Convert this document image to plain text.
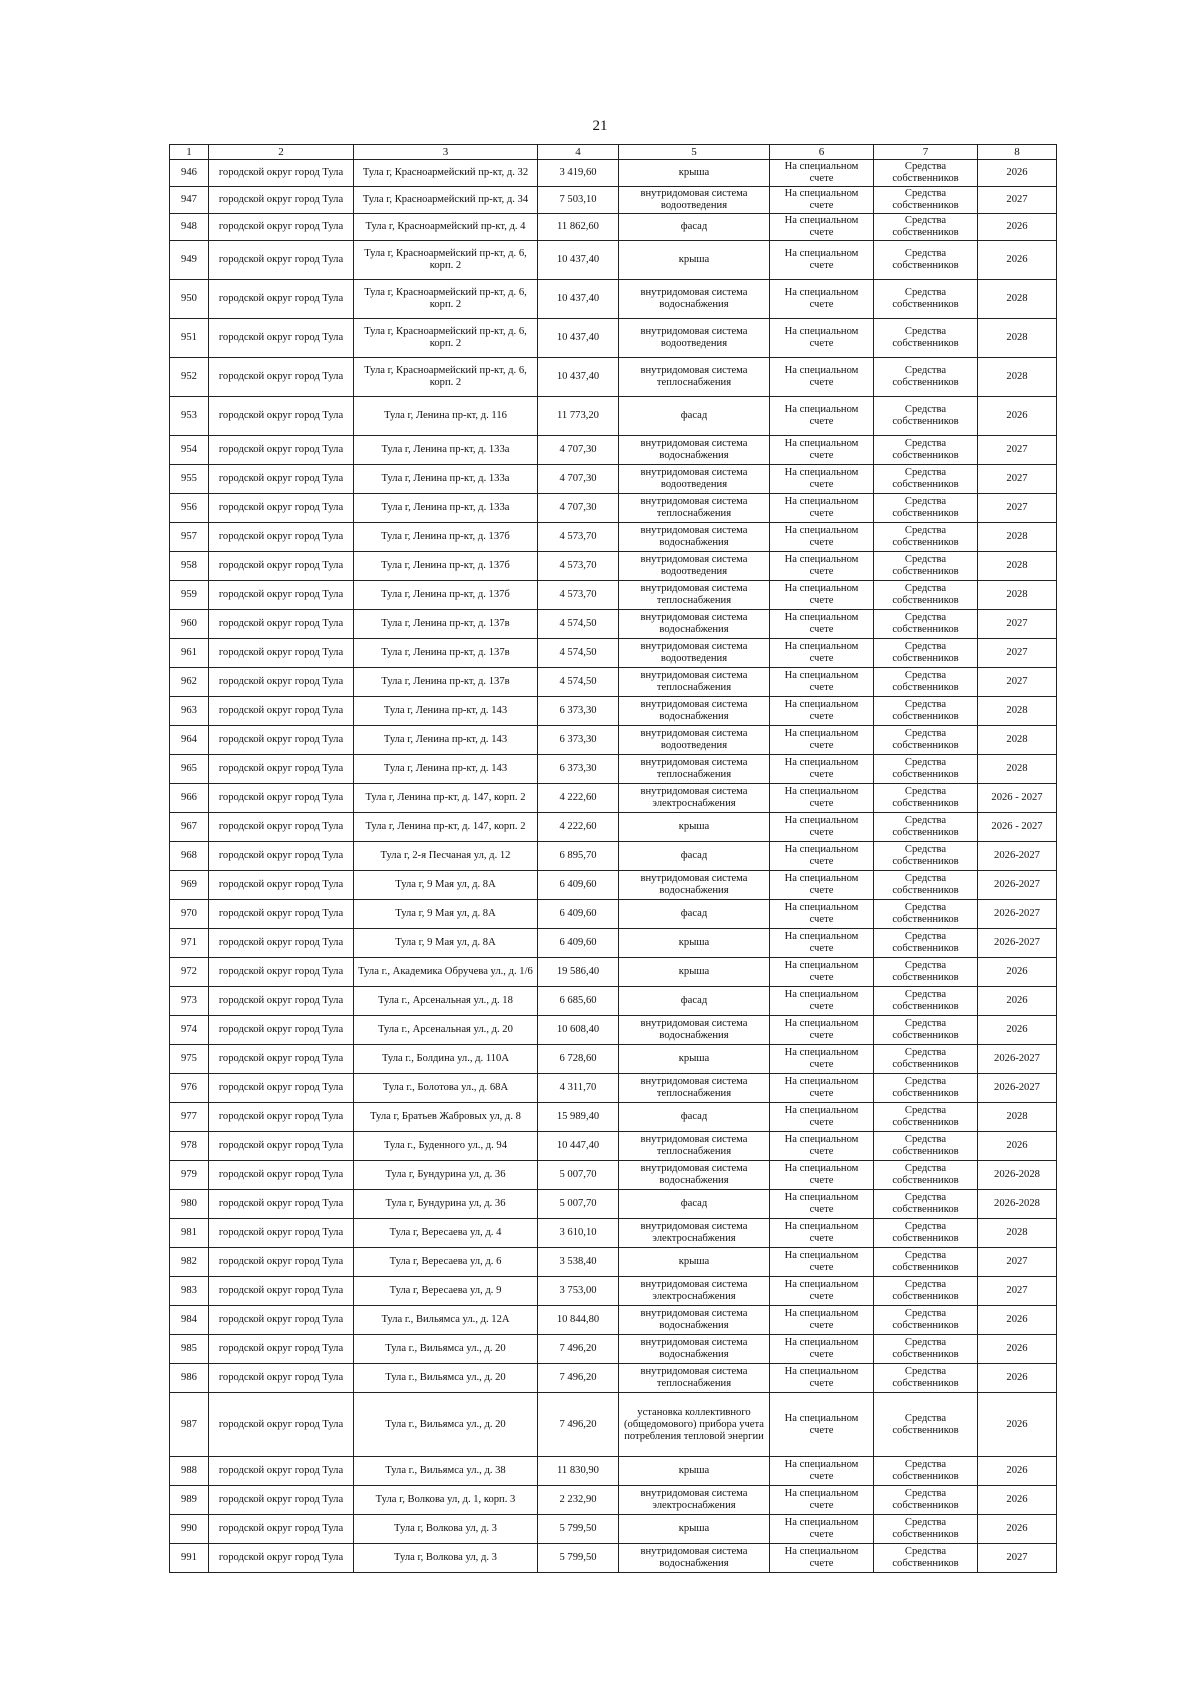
21
1	2	3	4	5	6	7	8
946	городской округ город Тула	Тула г, Красноармейский пр-кт, д. 32	3 419,60	крыша	На специальном счете	Средства собственников	2026
947	городской округ город Тула	Тула г, Красноармейский пр-кт, д. 34	7 503,10	внутридомовая система водоотведения	На специальном счете	Средства собственников	2027
948	городской округ город Тула	Тула г, Красноармейский пр-кт, д. 4	11 862,60	фасад	На специальном счете	Средства собственников	2026
949	городской округ город Тула	Тула г, Красноармейский пр-кт, д. 6, корп. 2	10 437,40	крыша	На специальном счете	Средства собственников	2026
950	городской округ город Тула	Тула г, Красноармейский пр-кт, д. 6, корп. 2	10 437,40	внутридомовая система водоснабжения	На специальном счете	Средства собственников	2028
951	городской округ город Тула	Тула г, Красноармейский пр-кт, д. 6, корп. 2	10 437,40	внутридомовая система водоотведения	На специальном счете	Средства собственников	2028
952	городской округ город Тула	Тула г, Красноармейский пр-кт, д. 6, корп. 2	10 437,40	внутридомовая система теплоснабжения	На специальном счете	Средства собственников	2028
953	городской округ город Тула	Тула г, Ленина пр-кт, д. 116	11 773,20	фасад	На специальном счете	Средства собственников	2026
954	городской округ город Тула	Тула г, Ленина пр-кт, д. 133а	4 707,30	внутридомовая система водоснабжения	На специальном счете	Средства собственников	2027
955	городской округ город Тула	Тула г, Ленина пр-кт, д. 133а	4 707,30	внутридомовая система водоотведения	На специальном счете	Средства собственников	2027
956	городской округ город Тула	Тула г, Ленина пр-кт, д. 133а	4 707,30	внутридомовая система теплоснабжения	На специальном счете	Средства собственников	2027
957	городской округ город Тула	Тула г, Ленина пр-кт, д. 137б	4 573,70	внутридомовая система водоснабжения	На специальном счете	Средства собственников	2028
958	городской округ город Тула	Тула г, Ленина пр-кт, д. 137б	4 573,70	внутридомовая система водоотведения	На специальном счете	Средства собственников	2028
959	городской округ город Тула	Тула г, Ленина пр-кт, д. 137б	4 573,70	внутридомовая система теплоснабжения	На специальном счете	Средства собственников	2028
960	городской округ город Тула	Тула г, Ленина пр-кт, д. 137в	4 574,50	внутридомовая система водоснабжения	На специальном счете	Средства собственников	2027
961	городской округ город Тула	Тула г, Ленина пр-кт, д. 137в	4 574,50	внутридомовая система водоотведения	На специальном счете	Средства собственников	2027
962	городской округ город Тула	Тула г, Ленина пр-кт, д. 137в	4 574,50	внутридомовая система теплоснабжения	На специальном счете	Средства собственников	2027
963	городской округ город Тула	Тула г, Ленина пр-кт, д. 143	6 373,30	внутридомовая система водоснабжения	На специальном счете	Средства собственников	2028
964	городской округ город Тула	Тула г, Ленина пр-кт, д. 143	6 373,30	внутридомовая система водоотведения	На специальном счете	Средства собственников	2028
965	городской округ город Тула	Тула г, Ленина пр-кт, д. 143	6 373,30	внутридомовая система теплоснабжения	На специальном счете	Средства собственников	2028
966	городской округ город Тула	Тула г, Ленина пр-кт, д. 147, корп. 2	4 222,60	внутридомовая система электроснабжения	На специальном счете	Средства собственников	2026 - 2027
967	городской округ город Тула	Тула г, Ленина пр-кт, д. 147, корп. 2	4 222,60	крыша	На специальном счете	Средства собственников	2026 - 2027
968	городской округ город Тула	Тула г, 2-я Песчаная ул, д. 12	6 895,70	фасад	На специальном счете	Средства собственников	2026-2027
969	городской округ город Тула	Тула г, 9 Мая ул, д. 8А	6 409,60	внутридомовая система водоснабжения	На специальном счете	Средства собственников	2026-2027
970	городской округ город Тула	Тула г, 9 Мая ул, д. 8А	6 409,60	фасад	На специальном счете	Средства собственников	2026-2027
971	городской округ город Тула	Тула г, 9 Мая ул, д. 8А	6 409,60	крыша	На специальном счете	Средства собственников	2026-2027
972	городской округ город Тула	Тула г., Академика Обручева ул., д. 1/6	19 586,40	крыша	На специальном счете	Средства собственников	2026
973	городской округ город Тула	Тула г., Арсенальная ул., д. 18	6 685,60	фасад	На специальном счете	Средства собственников	2026
974	городской округ город Тула	Тула г., Арсенальная ул., д. 20	10 608,40	внутридомовая система водоснабжения	На специальном счете	Средства собственников	2026
975	городской округ город Тула	Тула г., Болдина ул., д. 110А	6 728,60	крыша	На специальном счете	Средства собственников	2026-2027
976	городской округ город Тула	Тула г., Болотова ул., д. 68А	4 311,70	внутридомовая система теплоснабжения	На специальном счете	Средства собственников	2026-2027
977	городской округ город Тула	Тула г, Братьев Жабровых ул, д. 8	15 989,40	фасад	На специальном счете	Средства собственников	2028
978	городской округ город Тула	Тула г., Буденного ул., д. 94	10 447,40	внутридомовая система теплоснабжения	На специальном счете	Средства собственников	2026
979	городской округ город Тула	Тула г, Бундурина ул, д. 36	5 007,70	внутридомовая система водоснабжения	На специальном счете	Средства собственников	2026-2028
980	городской округ город Тула	Тула г, Бундурина ул, д. 36	5 007,70	фасад	На специальном счете	Средства собственников	2026-2028
981	городской округ город Тула	Тула г, Вересаева ул, д. 4	3 610,10	внутридомовая система электроснабжения	На специальном счете	Средства собственников	2028
982	городской округ город Тула	Тула г, Вересаева ул, д. 6	3 538,40	крыша	На специальном счете	Средства собственников	2027
983	городской округ город Тула	Тула г, Вересаева ул, д. 9	3 753,00	внутридомовая система электроснабжения	На специальном счете	Средства собственников	2027
984	городской округ город Тула	Тула г., Вильямса ул., д. 12А	10 844,80	внутридомовая система водоснабжения	На специальном счете	Средства собственников	2026
985	городской округ город Тула	Тула г., Вильямса ул., д. 20	7 496,20	внутридомовая система водоснабжения	На специальном счете	Средства собственников	2026
986	городской округ город Тула	Тула г., Вильямса ул., д. 20	7 496,20	внутридомовая система теплоснабжения	На специальном счете	Средства собственников	2026
987	городской округ город Тула	Тула г., Вильямса ул., д. 20	7 496,20	установка коллективного (общедомового) прибора учета потребления тепловой энергии	На специальном счете	Средства собственников	2026
988	городской округ город Тула	Тула г., Вильямса ул., д. 38	11 830,90	крыша	На специальном счете	Средства собственников	2026
989	городской округ город Тула	Тула г, Волкова ул, д. 1, корп. 3	2 232,90	внутридомовая система электроснабжения	На специальном счете	Средства собственников	2026
990	городской округ город Тула	Тула г, Волкова ул, д. 3	5 799,50	крыша	На специальном счете	Средства собственников	2026
991	городской округ город Тула	Тула г, Волкова ул, д. 3	5 799,50	внутридомовая система водоснабжения	На специальном счете	Средства собственников	2027
